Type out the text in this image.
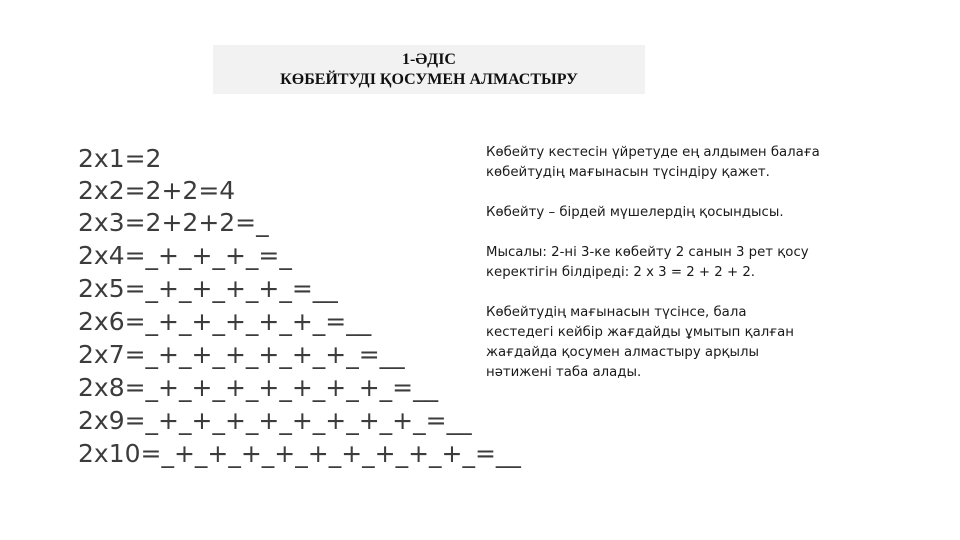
1-ӘДІС
КӨБЕЙТУДІ ҚОСУМЕН АЛМАСТЫРУ
2x1=2
2x2=2+2=4
2x3=2+2+2=_
2x4=_+_+_+_=_
2x5=_+_+_+_+_=__
2x6=_+_+_+_+_+_=__
2x7=_+_+_+_+_+_+_=__
2x8=_+_+_+_+_+_+_+_=__
2x9=_+_+_+_+_+_+_+_+_=__
2x10=_+_+_+_+_+_+_+_+_+_=__

Көбейту кестесін үйретуде ең алдымен балаға
көбейтудің мағынасын түсіндіру қажет.

Көбейту – бірдей мүшелердің қосындысы.

Мысалы: 2-ні 3-ке көбейту 2 санын 3 рет қосу
керектігін білдіреді: 2 х 3 = 2 + 2 + 2.

Көбейтудің мағынасын түсінсе, бала
кестедегі кейбір жағдайды ұмытып қалған
жағдайда қосумен алмастыру арқылы
нәтижені таба алады.
